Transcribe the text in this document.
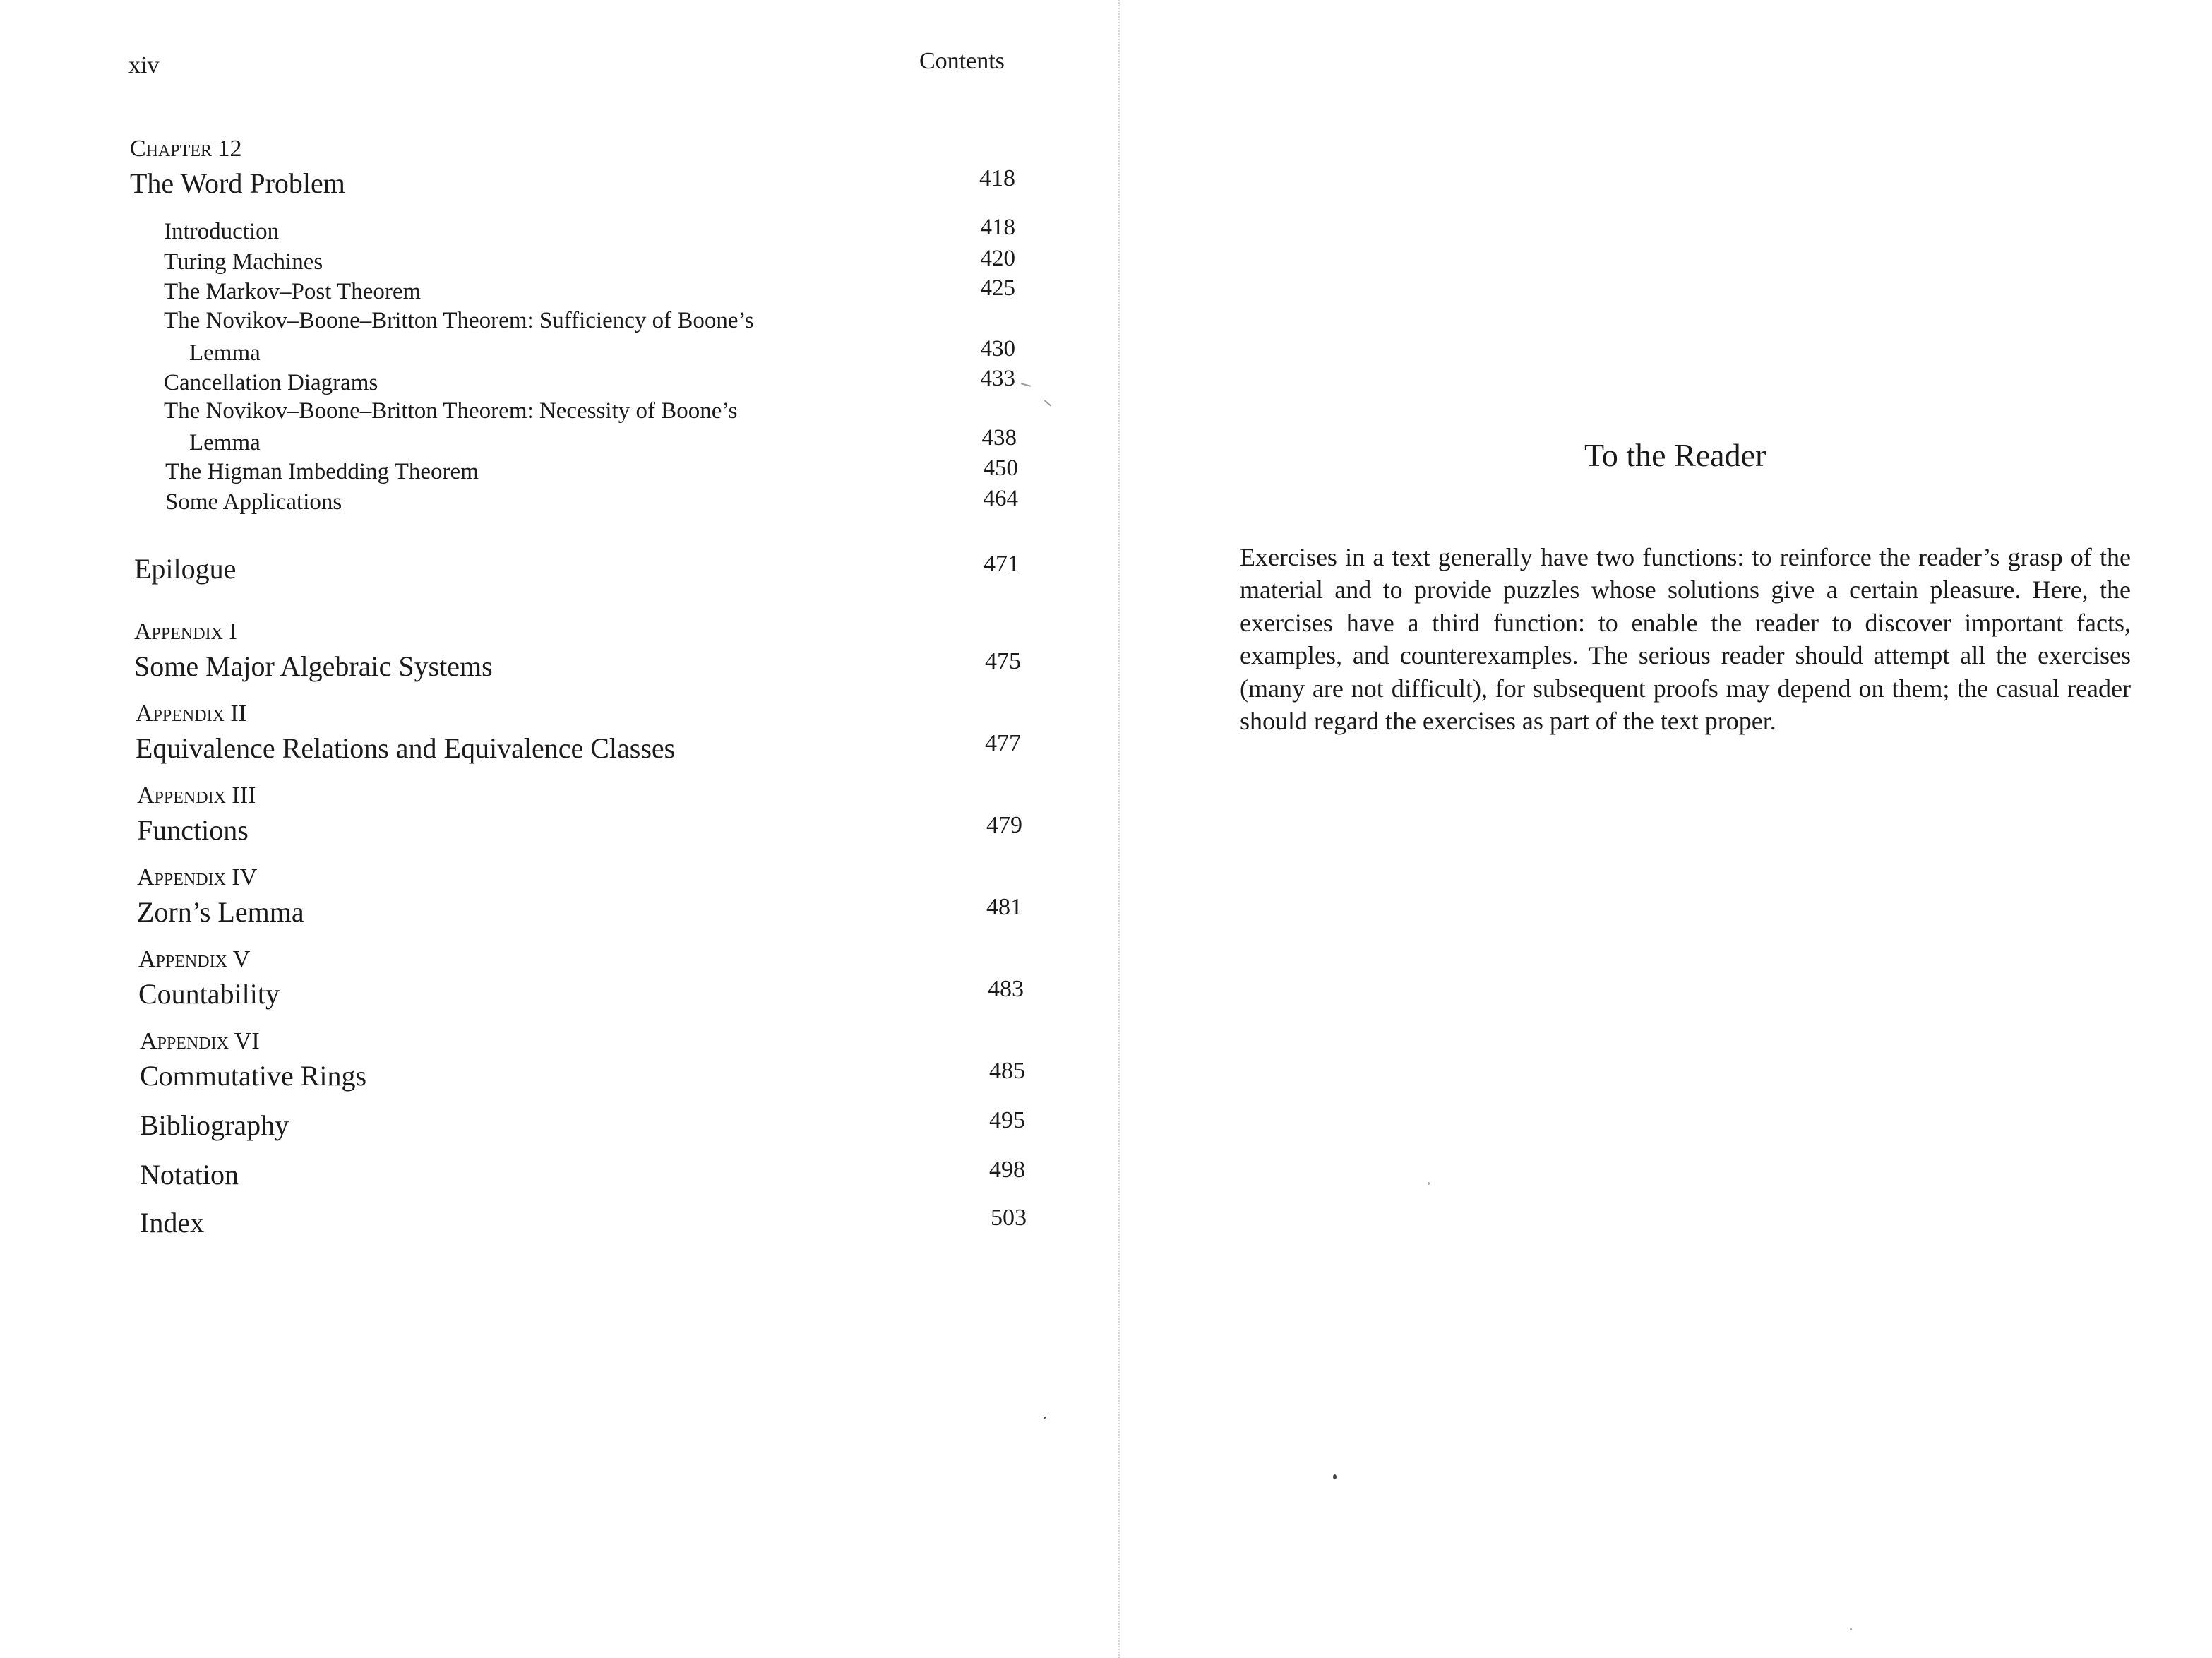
xiv	Contents
Chapter 12
The Word Problem	418
Introduction	418
Turing Machines	420
The Markov–Post Theorem	425
The Novikov–Boone–Britton Theorem: Sufficiency of Boone’s
Lemma	430
Cancellation Diagrams	433
The Novikov–Boone–Britton Theorem: Necessity of Boone’s
Lemma	438
The Higman Imbedding Theorem	450
Some Applications	464
Epilogue	471
Appendix I
Some Major Algebraic Systems	475
Appendix II
Equivalence Relations and Equivalence Classes	477
Appendix III
Functions	479
Appendix IV
Zorn’s Lemma	481
Appendix V
Countability	483
Appendix VI
Commutative Rings	485
Bibliography	495
Notation	498
Index	503
To the Reader
Exercises in a text generally have two functions: to reinforce the reader’s grasp of the material and to provide puzzles whose solutions give a certain pleasure. Here, the exercises have a third function: to enable the reader to discover important facts, examples, and counterexamples. The serious reader should attempt all the exercises (many are not difficult), for subsequent proofs may depend on them; the casual reader should regard the exercises as part of the text proper.
